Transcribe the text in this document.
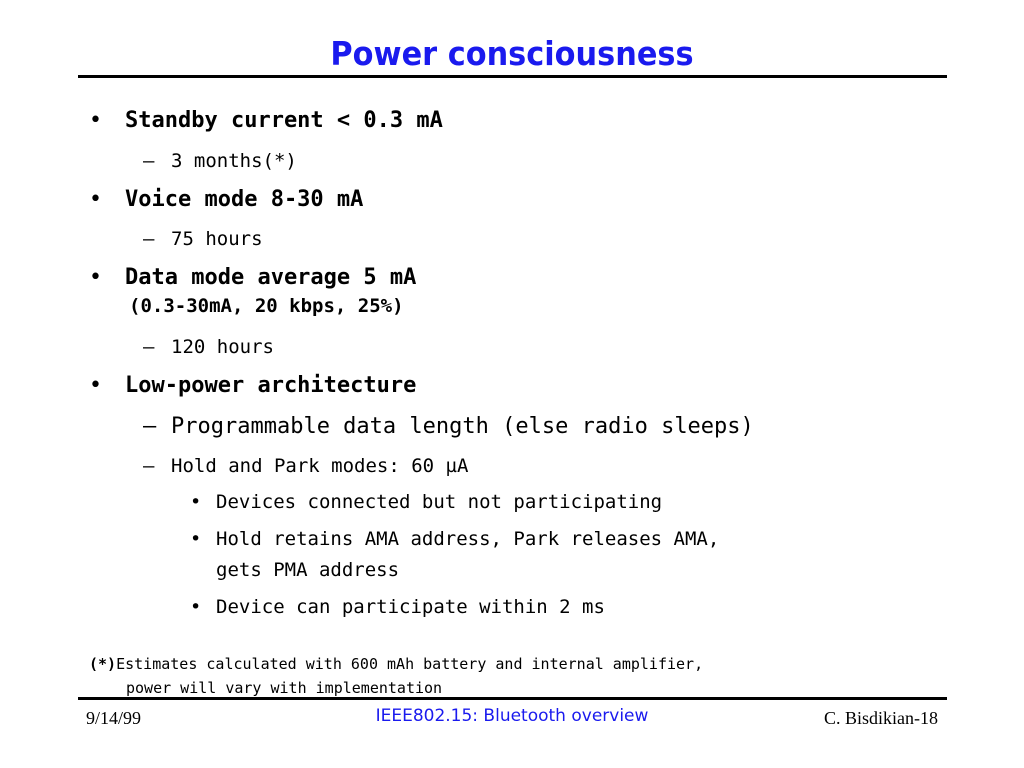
Power consciousness
• Standby current < 0.3 mA
– 3 months(*)
• Voice mode 8-30 mA
– 75 hours
• Data mode average 5 mA
(0.3-30mA, 20 kbps, 25%)
– 120 hours
• Low-power architecture
– Programmable data length (else radio sleeps)
– Hold and Park modes: 60 µA
• Devices connected but not participating
• Hold retains AMA address, Park releases AMA,
gets PMA address
• Device can participate within 2 ms
(*)Estimates calculated with 600 mAh battery and internal amplifier,
power will vary with implementation
9/14/99	IEEE802.15: Bluetooth overview	C. Bisdikian-18
